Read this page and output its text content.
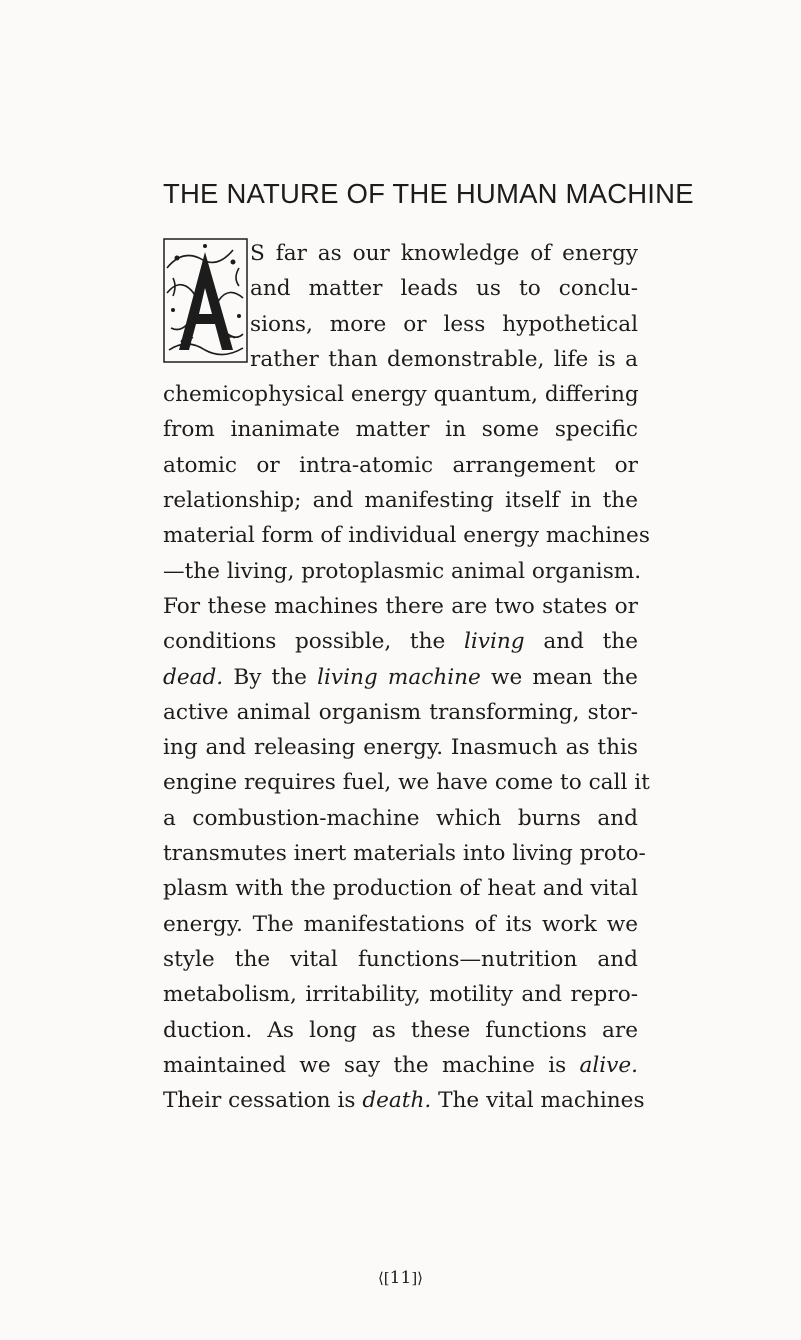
THE NATURE OF THE HUMAN MACHINE
S far as our knowledge of energy
and matter leads us to conclu-
sions, more or less hypothetical
rather than demonstrable, life is a
chemicophysical energy quantum, differing
from inanimate matter in some specific
atomic or intra-atomic arrangement or
relationship; and manifesting itself in the
material form of individual energy machines
—the living, protoplasmic animal organism.
For these machines there are two states or
conditions possible, the living and the
dead. By the living machine we mean the
active animal organism transforming, stor-
ing and releasing energy. Inasmuch as this
engine requires fuel, we have come to call it
a combustion-machine which burns and
transmutes inert materials into living proto-
plasm with the production of heat and vital
energy. The manifestations of its work we
style the vital functions—nutrition and
metabolism, irritability, motility and repro-
duction. As long as these functions are
maintained we say the machine is alive.
Their cessation is death. The vital machines
⟨[11]⟩
